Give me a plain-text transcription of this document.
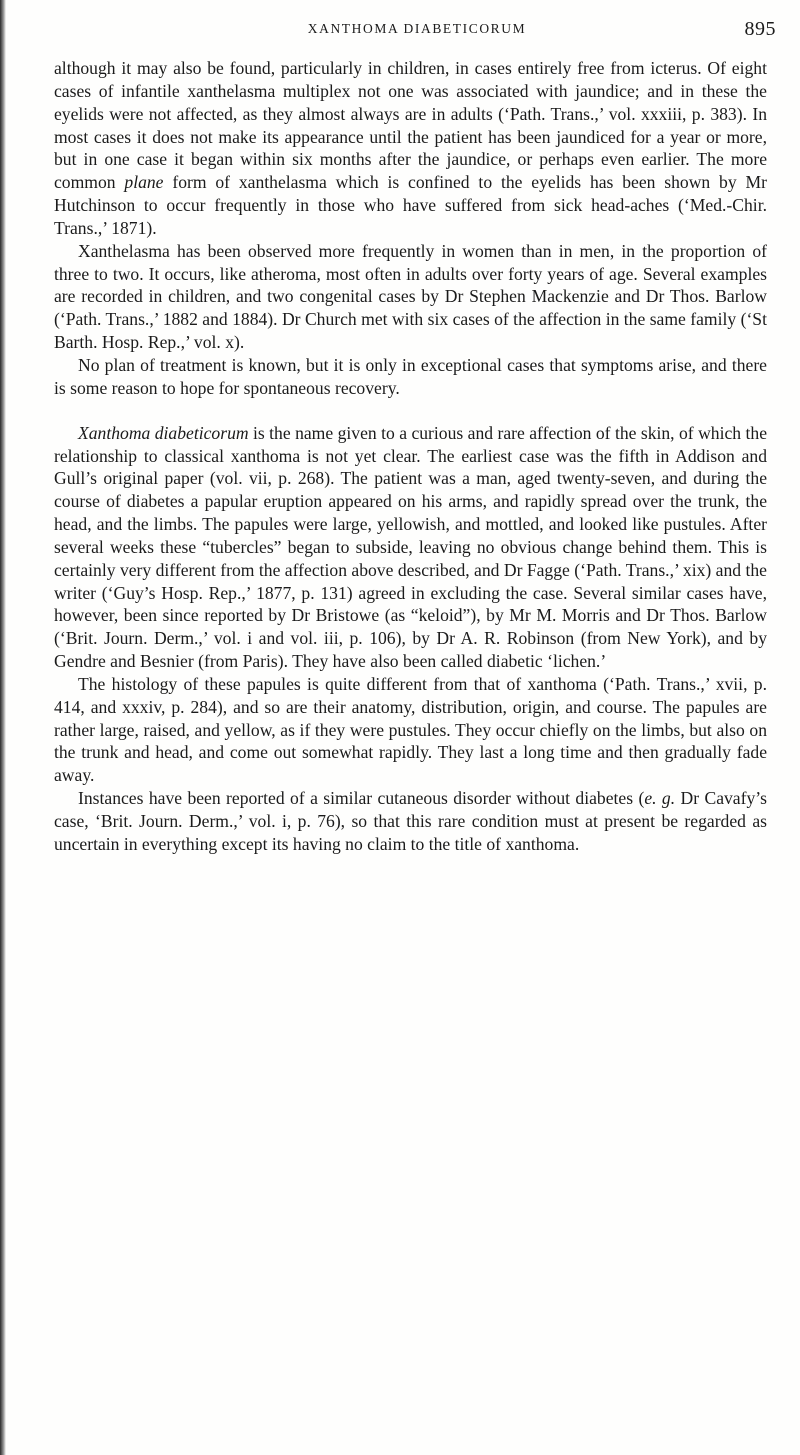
XANTHOMA DIABETICORUM	895

although it may also be found, particularly in children, in cases entirely free from icterus. Of eight cases of infantile xanthelasma multiplex not one was associated with jaundice; and in these the eyelids were not affected, as they almost always are in adults (‘Path. Trans.,’ vol. xxxiii, p. 383). In most cases it does not make its appearance until the patient has been jaundiced for a year or more, but in one case it began within six months after the jaundice, or perhaps even earlier. The more common plane form of xanthelasma which is confined to the eyelids has been shown by Mr Hutchinson to occur frequently in those who have suffered from sick head-aches (‘Med.-Chir. Trans.,’ 1871).

Xanthelasma has been observed more frequently in women than in men, in the proportion of three to two. It occurs, like atheroma, most often in adults over forty years of age. Several examples are recorded in children, and two congenital cases by Dr Stephen Mackenzie and Dr Thos. Barlow (‘Path. Trans.,’ 1882 and 1884). Dr Church met with six cases of the affection in the same family (‘St Barth. Hosp. Rep.,’ vol. x).

No plan of treatment is known, but it is only in exceptional cases that symptoms arise, and there is some reason to hope for spontaneous recovery.

Xanthoma diabeticorum is the name given to a curious and rare affection of the skin, of which the relationship to classical xanthoma is not yet clear. The earliest case was the fifth in Addison and Gull’s original paper (vol. vii, p. 268). The patient was a man, aged twenty-seven, and during the course of diabetes a papular eruption appeared on his arms, and rapidly spread over the trunk, the head, and the limbs. The papules were large, yellowish, and mottled, and looked like pustules. After several weeks these “tubercles” began to subside, leaving no obvious change behind them. This is certainly very different from the affection above described, and Dr Fagge (‘Path. Trans.,’ xix) and the writer (‘Guy’s Hosp. Rep.,’ 1877, p. 131) agreed in excluding the case. Several similar cases have, however, been since reported by Dr Bristowe (as “keloid”), by Mr M. Morris and Dr Thos. Barlow (‘Brit. Journ. Derm.,’ vol. i and vol. iii, p. 106), by Dr A. R. Robinson (from New York), and by Gendre and Besnier (from Paris). They have also been called diabetic ‘lichen.’

The histology of these papules is quite different from that of xanthoma (‘Path. Trans.,’ xvii, p. 414, and xxxiv, p. 284), and so are their anatomy, distribution, origin, and course. The papules are rather large, raised, and yellow, as if they were pustules. They occur chiefly on the limbs, but also on the trunk and head, and come out somewhat rapidly. They last a long time and then gradually fade away.

Instances have been reported of a similar cutaneous disorder without diabetes (e. g. Dr Cavafy’s case, ‘Brit. Journ. Derm.,’ vol. i, p. 76), so that this rare condition must at present be regarded as uncertain in everything except its having no claim to the title of xanthoma.
